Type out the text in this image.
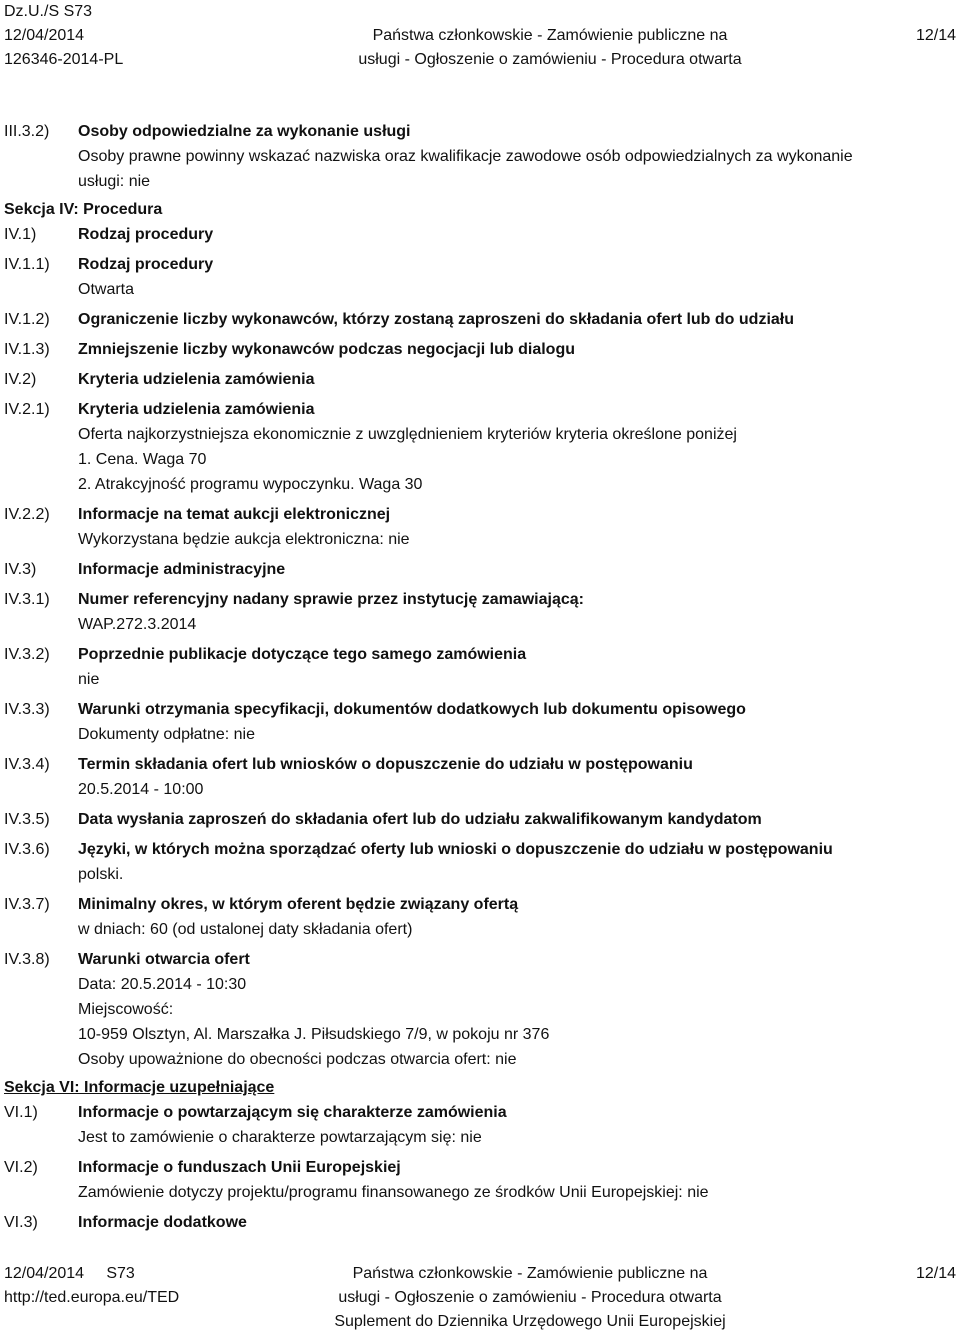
Dz.U./S S73
12/04/2014
126346-2014-PL
Państwa członkowskie - Zamówienie publiczne na
usługi - Ogłoszenie o zamówieniu - Procedura otwarta
12/14
III.3.2)	Osoby odpowiedzialne za wykonanie usługi
Osoby prawne powinny wskazać nazwiska oraz kwalifikacje zawodowe osób odpowiedzialnych za wykonanie
usługi: nie
Sekcja IV: Procedura
IV.1)	Rodzaj procedury
IV.1.1)	Rodzaj procedury
Otwarta
IV.1.2)	Ograniczenie liczby wykonawców, którzy zostaną zaproszeni do składania ofert lub do udziału
IV.1.3)	Zmniejszenie liczby wykonawców podczas negocjacji lub dialogu
IV.2)	Kryteria udzielenia zamówienia
IV.2.1)	Kryteria udzielenia zamówienia
Oferta najkorzystniejsza ekonomicznie z uwzględnieniem kryteriów kryteria określone poniżej
1. Cena. Waga 70
2. Atrakcyjność programu wypoczynku. Waga 30
IV.2.2)	Informacje na temat aukcji elektronicznej
Wykorzystana będzie aukcja elektroniczna: nie
IV.3)	Informacje administracyjne
IV.3.1)	Numer referencyjny nadany sprawie przez instytucję zamawiającą:
WAP.272.3.2014
IV.3.2)	Poprzednie publikacje dotyczące tego samego zamówienia
nie
IV.3.3)	Warunki otrzymania specyfikacji, dokumentów dodatkowych lub dokumentu opisowego
Dokumenty odpłatne: nie
IV.3.4)	Termin składania ofert lub wniosków o dopuszczenie do udziału w postępowaniu
20.5.2014 - 10:00
IV.3.5)	Data wysłania zaproszeń do składania ofert lub do udziału zakwalifikowanym kandydatom
IV.3.6)	Języki, w których można sporządzać oferty lub wnioski o dopuszczenie do udziału w postępowaniu
polski.
IV.3.7)	Minimalny okres, w którym oferent będzie związany ofertą
w dniach: 60 (od ustalonej daty składania ofert)
IV.3.8)	Warunki otwarcia ofert
Data: 20.5.2014 - 10:30
Miejscowość:
10-959 Olsztyn, Al. Marszałka J. Piłsudskiego 7/9, w pokoju nr 376
Osoby upoważnione do obecności podczas otwarcia ofert: nie
Sekcja VI: Informacje uzupełniające
VI.1)	Informacje o powtarzającym się charakterze zamówienia
Jest to zamówienie o charakterze powtarzającym się: nie
VI.2)	Informacje o funduszach Unii Europejskiej
Zamówienie dotyczy projektu/programu finansowanego ze środków Unii Europejskiej: nie
VI.3)	Informacje dodatkowe
12/04/2014 S73
http://ted.europa.eu/TED
Państwa członkowskie - Zamówienie publiczne na
usługi - Ogłoszenie o zamówieniu - Procedura otwarta
Suplement do Dziennika Urzędowego Unii Europejskiej
12/14
